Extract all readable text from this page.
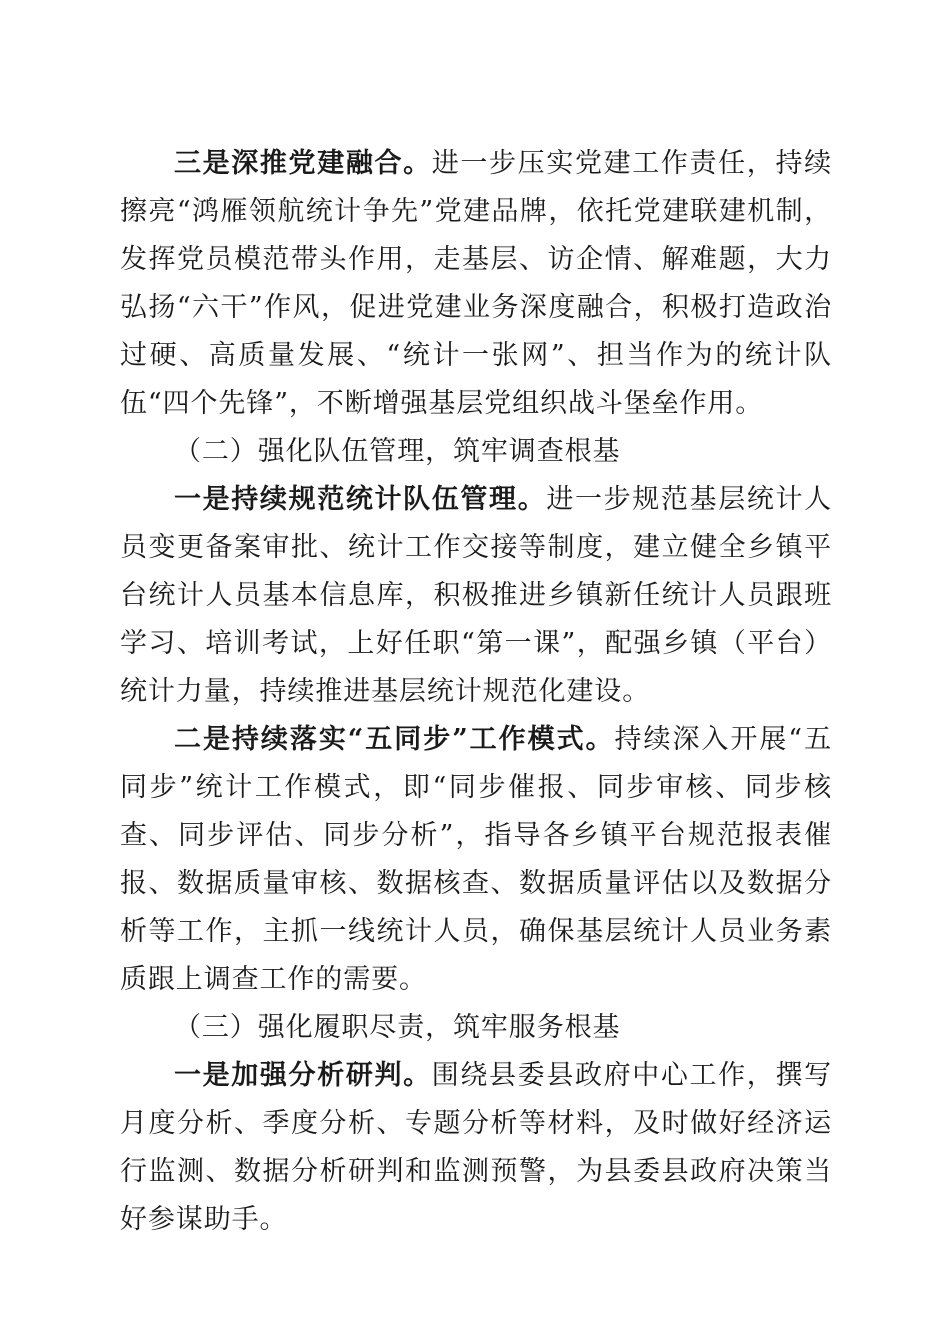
三是深推党建融合。进一步压实党建工作责任，持续擦亮“鸿雁领航统计争先”党建品牌，依托党建联建机制，发挥党员模范带头作用，走基层、访企情、解难题，大力弘扬“六干”作风，促进党建业务深度融合，积极打造政治过硬、高质量发展、“统计一张网”、担当作为的统计队伍“四个先锋”，不断增强基层党组织战斗堡垒作用。

（二）强化队伍管理，筑牢调查根基

一是持续规范统计队伍管理。进一步规范基层统计人员变更备案审批、统计工作交接等制度，建立健全乡镇平台统计人员基本信息库，积极推进乡镇新任统计人员跟班学习、培训考试，上好任职“第一课”，配强乡镇（平台）统计力量，持续推进基层统计规范化建设。

二是持续落实“五同步”工作模式。持续深入开展“五同步”统计工作模式，即“同步催报、同步审核、同步核查、同步评估、同步分析”，指导各乡镇平台规范报表催报、数据质量审核、数据核查、数据质量评估以及数据分析等工作，主抓一线统计人员，确保基层统计人员业务素质跟上调查工作的需要。

（三）强化履职尽责，筑牢服务根基

一是加强分析研判。围绕县委县政府中心工作，撰写月度分析、季度分析、专题分析等材料，及时做好经济运行监测、数据分析研判和监测预警，为县委县政府决策当好参谋助手。
